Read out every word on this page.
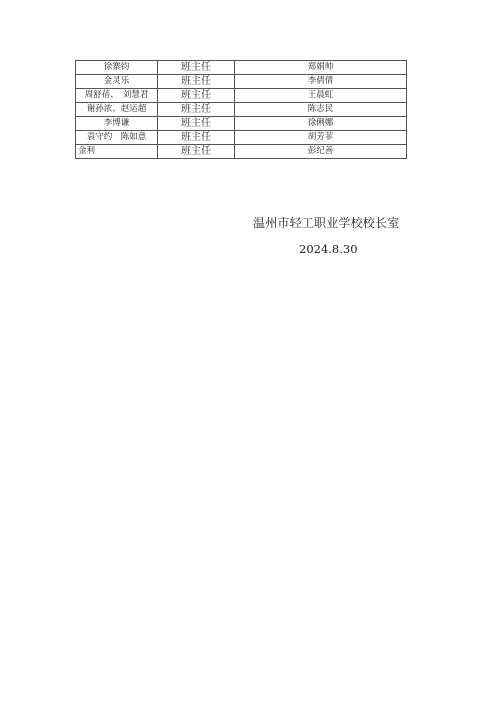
徐寨钧	班主任	郑娟帅
金灵乐	班主任	李倩倩
周舒蓓、　刘慧君	班主任	王晨虹
谢孙浓、赵运超	班主任	陈志民
李博谦	班主任	徐俐娜
袁守约　陈如意	班主任	胡芳菲
金利	班主任	彭纪善
温州市轻工职业学校校长室
2024.8.30
